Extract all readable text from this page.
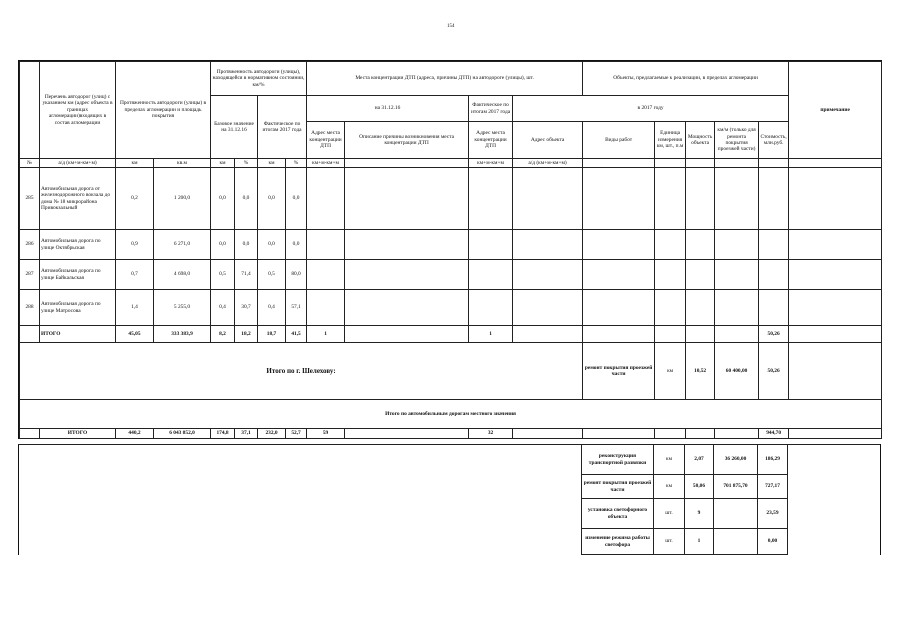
154
	Перечень автодорог (улиц) с указанием км (адрес объекта в границах агломерации)входящих в состав агломерации	Протяженность автодороги (улицы) в пределах агломерации и площадь покрытия		Протяженность автодороги (улицы), находящейся в нормативном состоянии, км/%				Места концентрации ДТП (адреса, причины ДТП) на автодороге (улицы), шт.				Объекты, предлагаемые к реализации, в пределах агломерации					примечание
				Базовое значение на 31.12.16		Фактическое по итогам 2017 года		на 31.12.16		Фактическое по итогам 2017 года	в 2017 году						
								Адрес места концентрации ДТП	Описание причины возникновения места концентрации ДТП	Адрес места концентрации ДТП	Адрес объекта	Виды работ	Единица измерения км, шт., п.м	Мощность объекта	км/м (только для ремонта покрытия проезжей части)	Стоимость, млн.руб.	
№	а/д (км+м-км+м)	км	кв.м	км	%	км	%	км+м-км+м		км+м-км+м	а/д (км+м-км+м)						
285	Автомобильная дорога от железнодорожного вокзала до дома № 18 микрорайона Привокзальный	0,2	1 200,0	0,0	0,0	0,0	0,0										
286	Автомобильная дорога по улице Октябрьская	0,9	6 271,0	0,0	0,0	0,0	0,0										
287	Автомобильная дорога по улице Байкальская	0,7	4 698,0	0,5	71,4	0,5	80,0										
288	Автомобильная дорога по улице Матросова	1,4	5 255,0	0,4	30,7	0,4	57,1										
	ИТОГО	45,05	333 383,9	8,2	18,2	18,7	41,5	1		1						50,26	
Итого по г. Шелехову:												ремонт покрытия проезжей части	км	10,52	60 400,00	50,26	
Итого по автомобильным дорогам местного значения																	
	ИТОГО	440,2	6 043 852,0	174,8	37,1	232,0	52,7	59		32						944,70	
	реконструкция транспортной развязки	км	2,07	36 260,00	186,29	
	ремонт покрытия проезжей части	км	50,06	701 875,70	727,17	
	установка светофорного объекта	шт.	9		23,59	
	изменение режима работы светофора	шт.	1		0,00	
